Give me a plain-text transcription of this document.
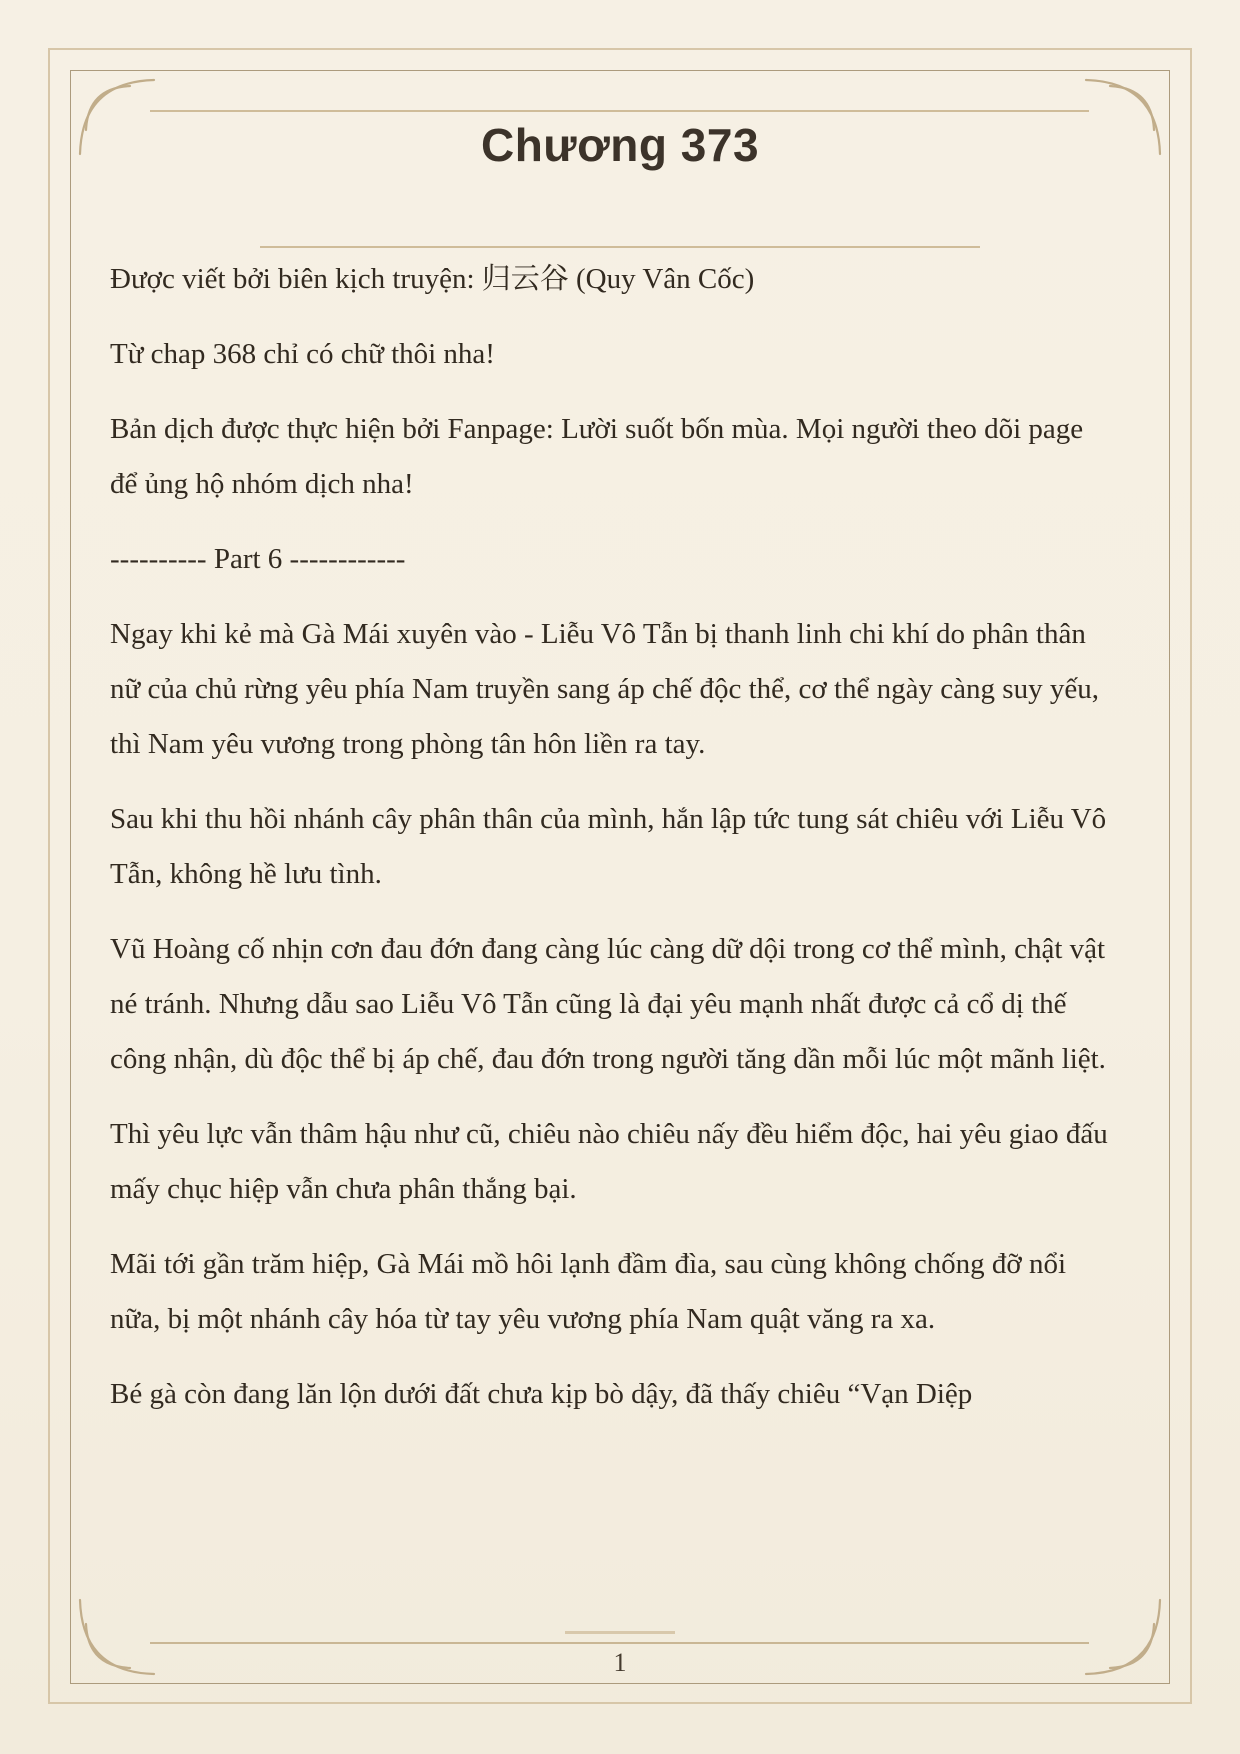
Chương 373

Được viết bởi biên kịch truyện: 归云谷 (Quy Vân Cốc)

Từ chap 368 chỉ có chữ thôi nha!

Bản dịch được thực hiện bởi Fanpage: Lười suốt bốn mùa. Mọi người theo dõi page để ủng hộ nhóm dịch nha!

---------- Part 6 ------------

Ngay khi kẻ mà Gà Mái xuyên vào - Liễu Vô Tẫn bị thanh linh chi khí do phân thân nữ của chủ rừng yêu phía Nam truyền sang áp chế độc thể, cơ thể ngày càng suy yếu, thì Nam yêu vương trong phòng tân hôn liền ra tay.

Sau khi thu hồi nhánh cây phân thân của mình, hắn lập tức tung sát chiêu với Liễu Vô Tẫn, không hề lưu tình.

Vũ Hoàng cố nhịn cơn đau đớn đang càng lúc càng dữ dội trong cơ thể mình, chật vật né tránh. Nhưng dẫu sao Liễu Vô Tẫn cũng là đại yêu mạnh nhất được cả cổ dị thế công nhận, dù độc thể bị áp chế, đau đớn trong người tăng dần mỗi lúc một mãnh liệt.

Thì yêu lực vẫn thâm hậu như cũ, chiêu nào chiêu nấy đều hiểm độc, hai yêu giao đấu mấy chục hiệp vẫn chưa phân thắng bại.

Mãi tới gần trăm hiệp, Gà Mái mồ hôi lạnh đầm đìa, sau cùng không chống đỡ nổi nữa, bị một nhánh cây hóa từ tay yêu vương phía Nam quật văng ra xa.

Bé gà còn đang lăn lộn dưới đất chưa kịp bò dậy, đã thấy chiêu “Vạn Diệp

1
